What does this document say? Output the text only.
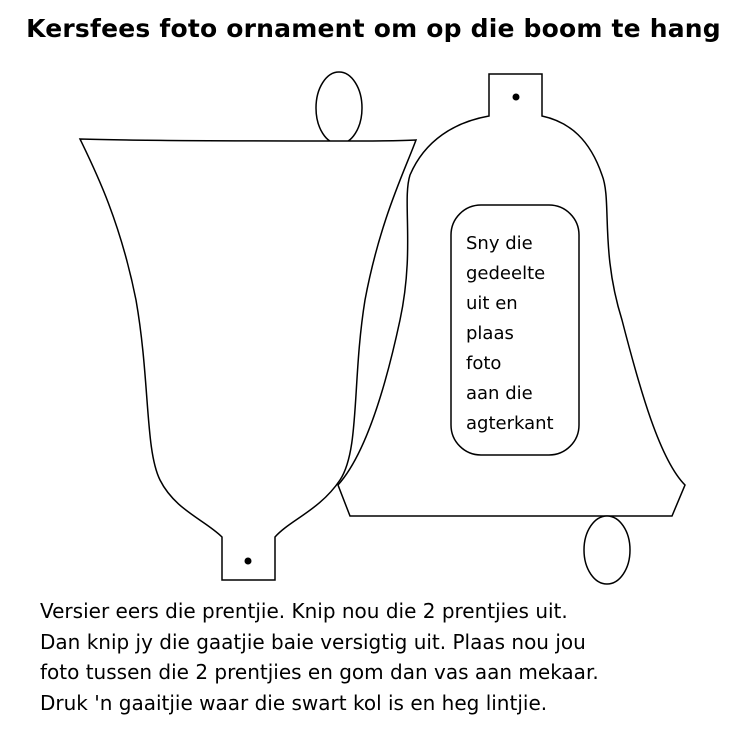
Kersfees foto ornament om op die boom te hang
Sny die
gedeelte
uit en
plaas
foto
aan die
agterkant
Versier eers die prentjie. Knip nou die 2 prentjies uit.
Dan knip jy die gaatjie baie versigtig uit. Plaas nou jou
foto tussen die 2 prentjies en gom dan vas aan mekaar.
Druk 'n gaaitjie waar die swart kol is en heg lintjie.
